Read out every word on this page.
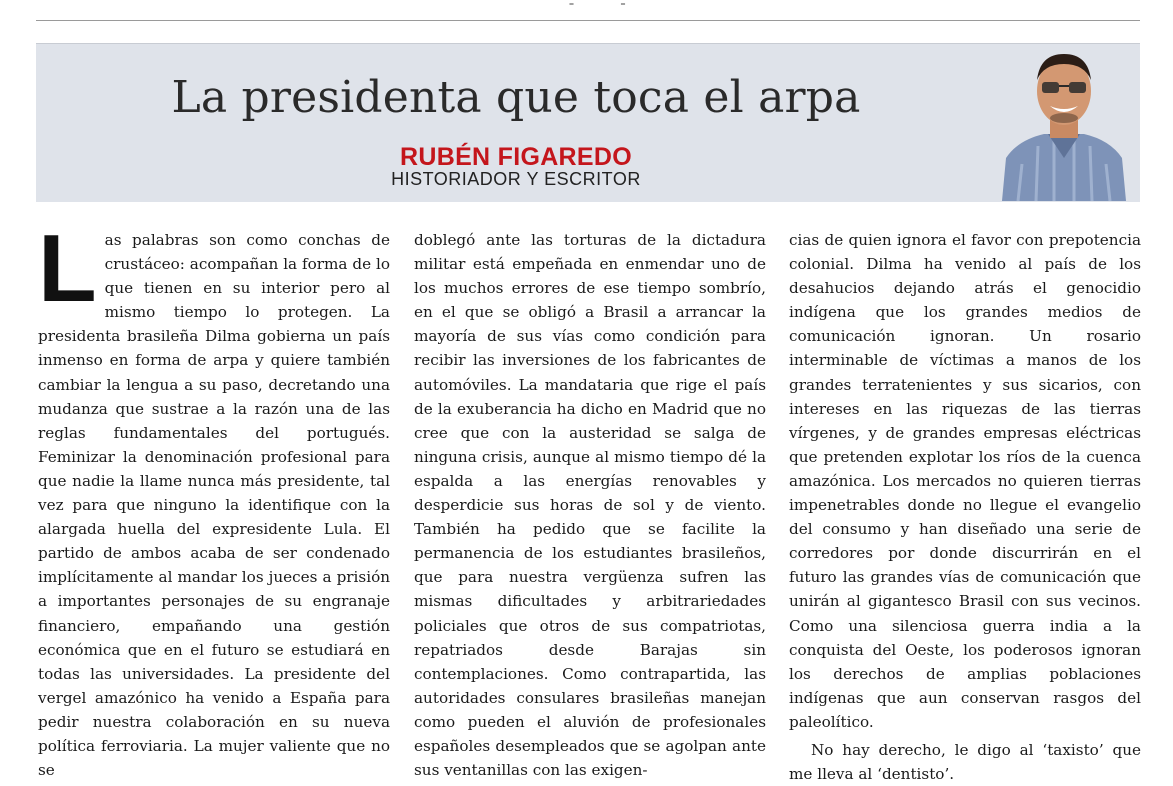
ˉ ˉ
La presidenta que toca el arpa
RUBÉN FIGAREDO
HISTORIADOR Y ESCRITOR

Las palabras son como conchas de crustáceo: acompañan la forma de lo que tienen en su interior pero al mismo tiempo lo protegen. La presidenta brasileña Dilma gobierna un país inmenso en forma de arpa y quiere también cambiar la lengua a su paso, decretando una mudanza que sustrae a la razón una de las reglas fundamentales del portugués. Feminizar la denominación profesional para que nadie la llame nunca más presidente, tal vez para que ninguno la identifique con la alargada huella del expresidente Lula. El partido de ambos acaba de ser condenado implícitamente al mandar los jueces a prisión a importantes personajes de su engranaje financiero, empañando una gestión económica que en el futuro se estudiará en todas las universidades. La presidente del vergel amazónico ha venido a España para pedir nuestra colaboración en su nueva política ferroviaria. La mujer valiente que no se

doblegó ante las torturas de la dictadura militar está empeñada en enmendar uno de los muchos errores de ese tiempo sombrío, en el que se obligó a Brasil a arrancar la mayoría de sus vías como condición para recibir las inversiones de los fabricantes de automóviles. La mandataria que rige el país de la exuberancia ha dicho en Madrid que no cree que con la austeridad se salga de ninguna crisis, aunque al mismo tiempo dé la espalda a las energías renovables y desperdicie sus horas de sol y de viento. También ha pedido que se facilite la permanencia de los estudiantes brasileños, que para nuestra vergüenza sufren las mismas dificultades y arbitrariedades policiales que otros de sus compatriotas, repatriados desde Barajas sin contemplaciones. Como contrapartida, las autoridades consulares brasileñas manejan como pueden el aluvión de profesionales españoles desempleados que se agolpan ante sus ventanillas con las exigen-

cias de quien ignora el favor con prepotencia colonial. Dilma ha venido al país de los desahucios dejando atrás el genocidio indígena que los grandes medios de comunicación ignoran. Un rosario interminable de víctimas a manos de los grandes terratenientes y sus sicarios, con intereses en las riquezas de las tierras vírgenes, y de grandes empresas eléctricas que pretenden explotar los ríos de la cuenca amazónica. Los mercados no quieren tierras impenetrables donde no llegue el evangelio del consumo y han diseñado una serie de corredores por donde discurrirán en el futuro las grandes vías de comunicación que unirán al gigantesco Brasil con sus vecinos. Como una silenciosa guerra india a la conquista del Oeste, los poderosos ignoran los derechos de amplias poblaciones indígenas que aun conservan rasgos del paleolítico.

No hay derecho, le digo al ‘taxisto’ que me lleva al ‘dentisto’.
